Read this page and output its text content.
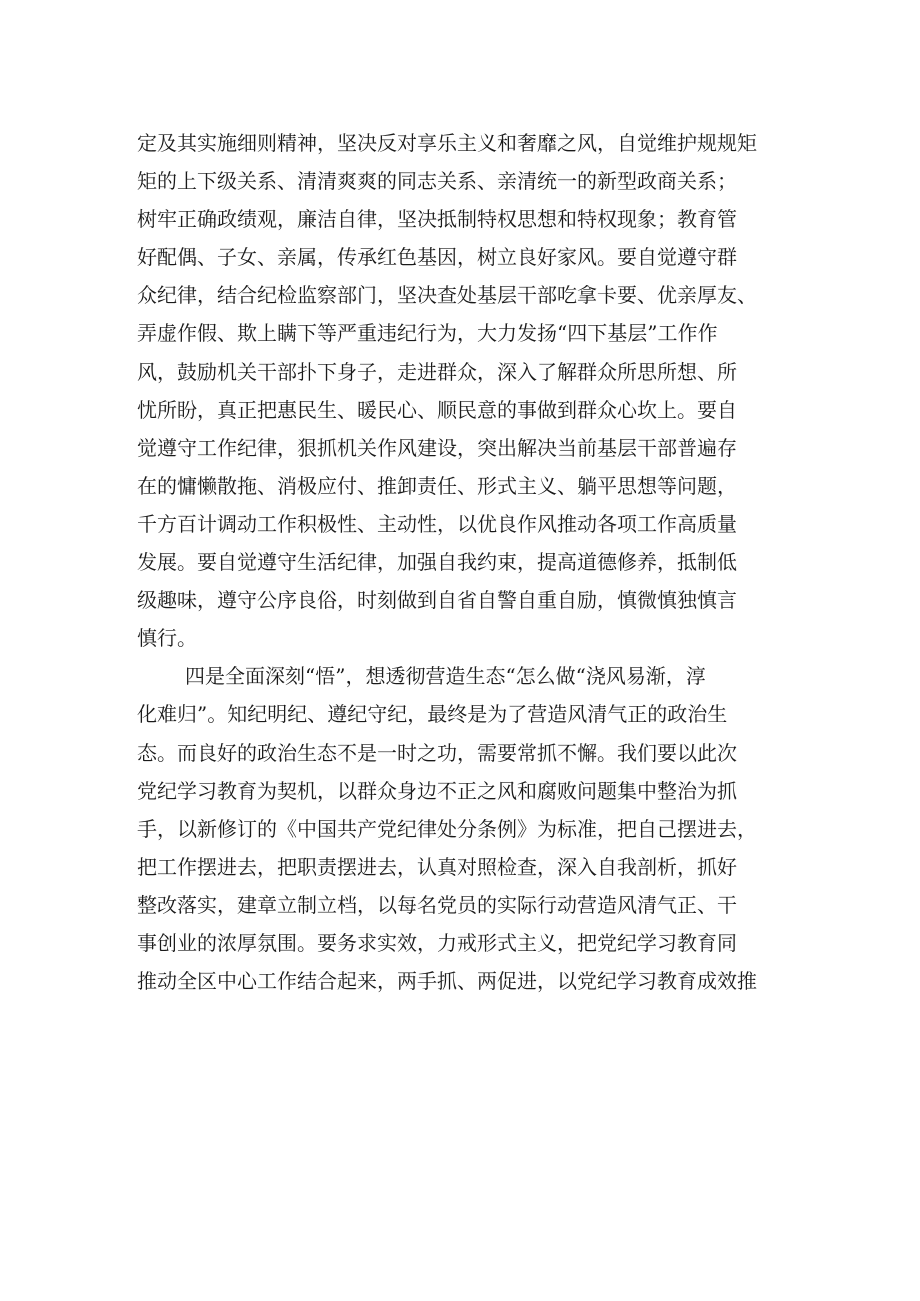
定及其实施细则精神，坚决反对享乐主义和奢靡之风，自觉维护规规矩
矩的上下级关系、清清爽爽的同志关系、亲清统一的新型政商关系；
树牢正确政绩观，廉洁自律，坚决抵制特权思想和特权现象；教育管
好配偶、子女、亲属，传承红色基因，树立良好家风。要自觉遵守群
众纪律，结合纪检监察部门，坚决查处基层干部吃拿卡要、优亲厚友、
弄虚作假、欺上瞒下等严重违纪行为，大力发扬“四下基层”工作作
风，鼓励机关干部扑下身子，走进群众，深入了解群众所思所想、所
忧所盼，真正把惠民生、暖民心、顺民意的事做到群众心坎上。要自
觉遵守工作纪律，狠抓机关作风建设，突出解决当前基层干部普遍存
在的慵懒散拖、消极应付、推卸责任、形式主义、躺平思想等问题，
千方百计调动工作积极性、主动性，以优良作风推动各项工作高质量
发展。要自觉遵守生活纪律，加强自我约束，提高道德修养，抵制低
级趣味，遵守公序良俗，时刻做到自省自警自重自励，慎微慎独慎言
慎行。
四是全面深刻“悟”，想透彻营造生态“怎么做“浇风易渐，淳
化难归”。知纪明纪、遵纪守纪，最终是为了营造风清气正的政治生
态。而良好的政治生态不是一时之功，需要常抓不懈。我们要以此次
党纪学习教育为契机，以群众身边不正之风和腐败问题集中整治为抓
手，以新修订的《中国共产党纪律处分条例》为标准，把自己摆进去，
把工作摆进去，把职责摆进去，认真对照检查，深入自我剖析，抓好
整改落实，建章立制立档，以每名党员的实际行动营造风清气正、干
事创业的浓厚氛围。要务求实效，力戒形式主义，把党纪学习教育同
推动全区中心工作结合起来，两手抓、两促进，以党纪学习教育成效推
